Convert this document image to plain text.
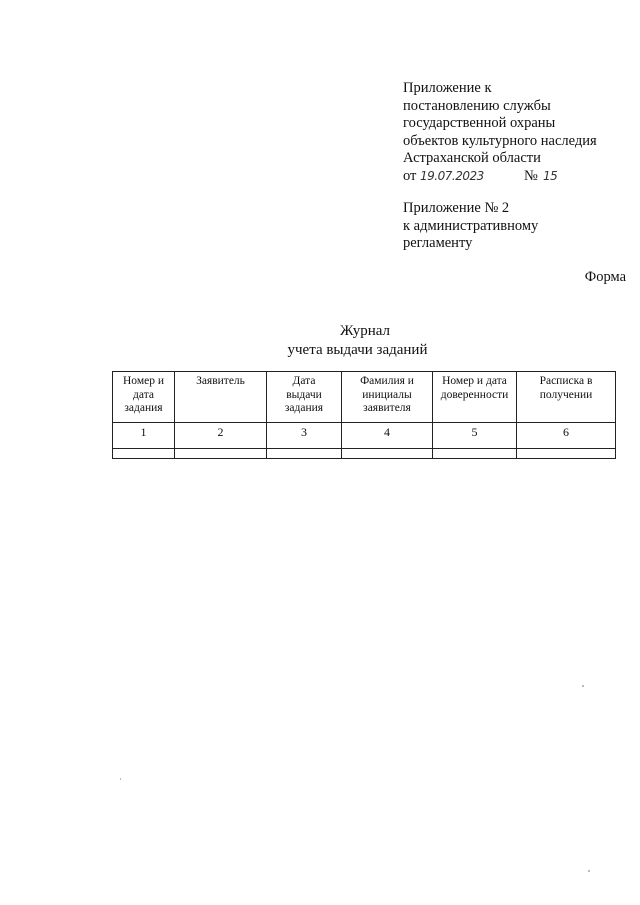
Приложение к
постановлению службы
государственной охраны
объектов культурного наследия
Астраханской области
от 19.07.2023	№ 15
Приложение № 2
к административному
регламенту
Форма
Журнал
учета выдачи заданий
Номер и дата задания	Заявитель	Дата выдачи задания	Фамилия и инициалы заявителя	Номер и дата доверенности	Расписка в получении
1	2	3	4	5	6
